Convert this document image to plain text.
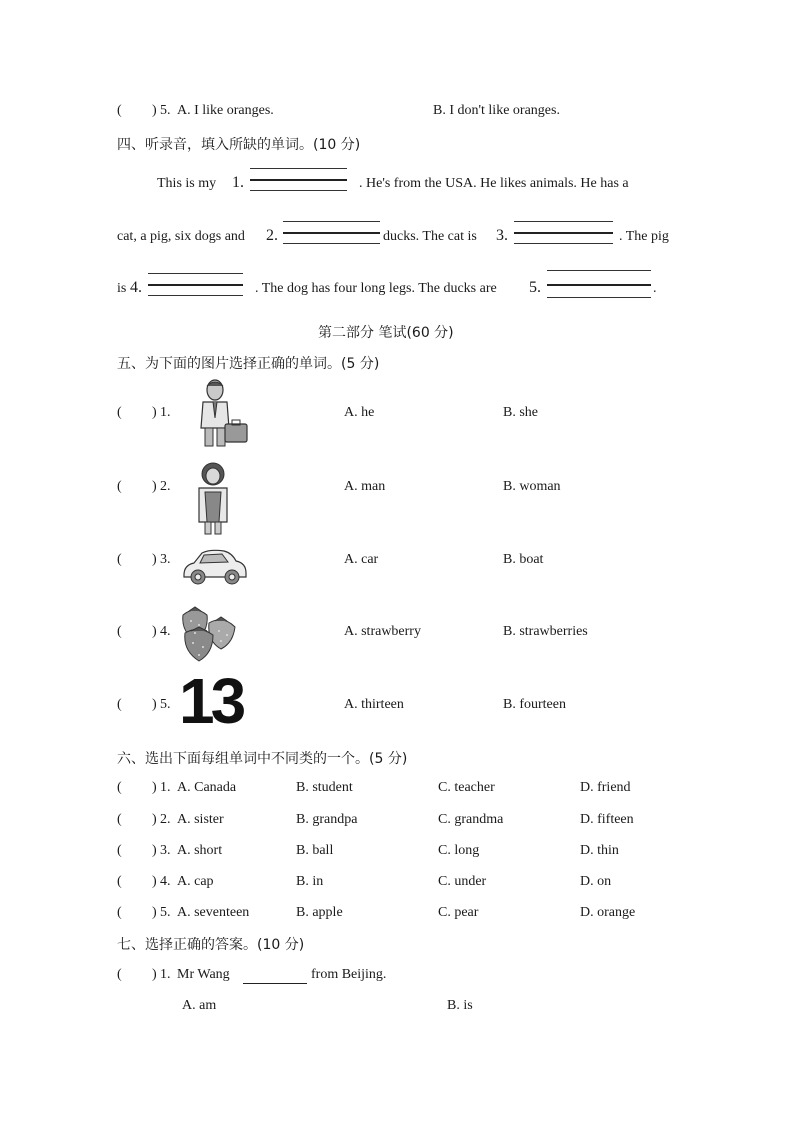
( ) 5. A. I like oranges.	B. I don't like oranges.
四、听录音，填入所缺的单词。(10 分)
This is my 1.	. He's from the USA. He likes animals. He has a
cat, a pig, six dogs and 2.	ducks. The cat is 3.	. The pig
is 4.	. The dog has four long legs. The ducks are 5.	.
第二部分 笔试(60 分)
五、为下面的图片选择正确的单词。(5 分)
( ) 1.	A. he	B. she
( ) 2.	A. man	B. woman
( ) 3.	A. car	B. boat
( ) 4.	A. strawberry	B. strawberries
( ) 5. 13	A. thirteen	B. fourteen
六、选出下面每组单词中不同类的一个。(5 分)
( ) 1. A. Canada	B. student	C. teacher	D. friend
( ) 2. A. sister	B. grandpa	C. grandma	D. fifteen
( ) 3. A. short	B. ball	C. long	D. thin
( ) 4. A. cap	B. in	C. under	D. on
( ) 5. A. seventeen	B. apple	C. pear	D. orange
七、选择正确的答案。(10 分)
( ) 1. Mr Wang	from Beijing.
A. am	B. is
